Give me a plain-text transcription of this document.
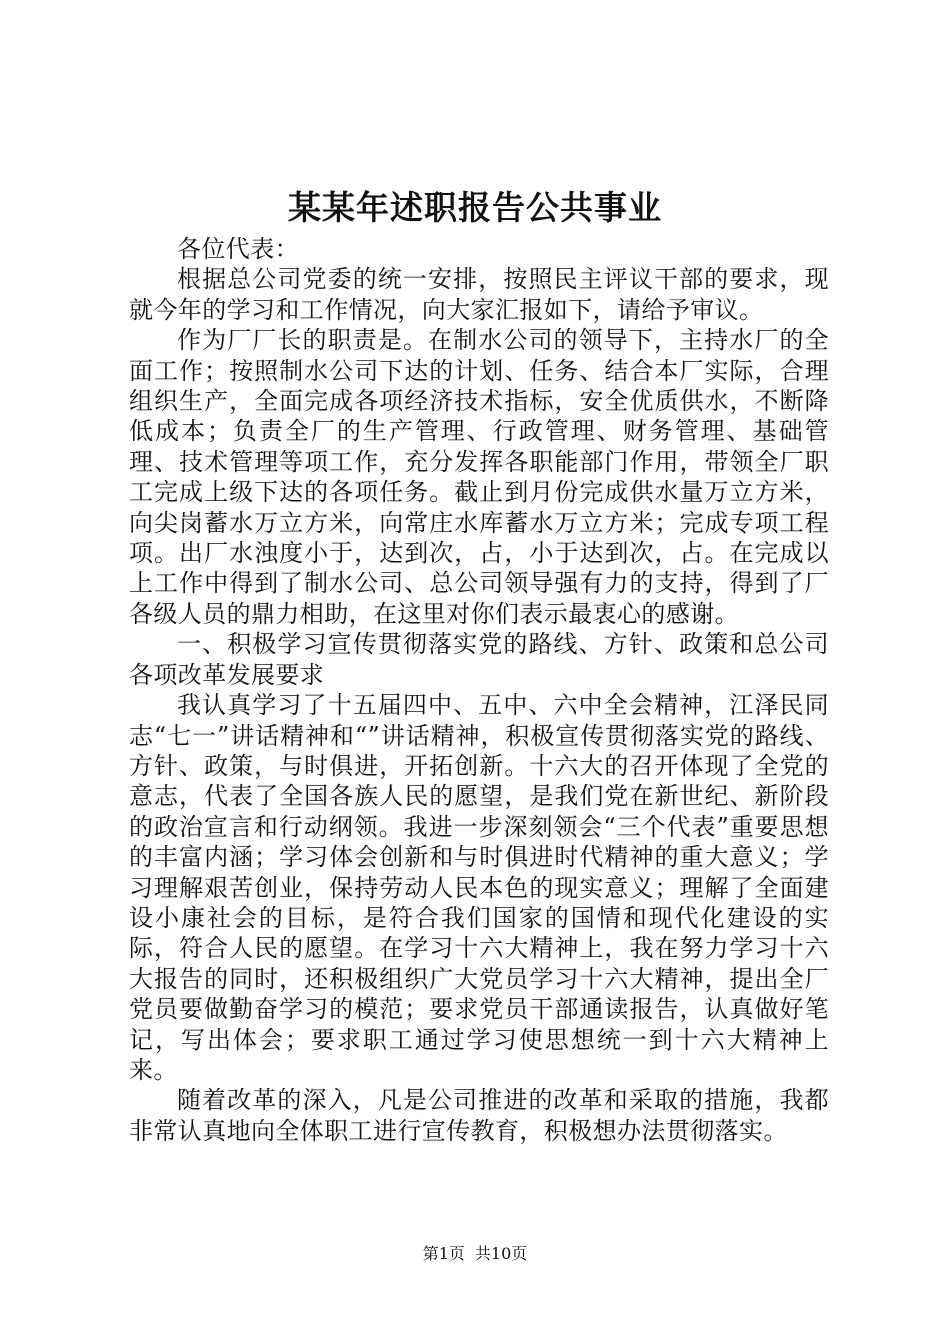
某某年述职报告公共事业

各位代表：

根据总公司党委的统一安排，按照民主评议干部的要求，现就今年的学习和工作情况，向大家汇报如下，请给予审议。

作为厂厂长的职责是。在制水公司的领导下，主持水厂的全面工作；按照制水公司下达的计划、任务、结合本厂实际，合理组织生产，全面完成各项经济技术指标，安全优质供水，不断降低成本；负责全厂的生产管理、行政管理、财务管理、基础管理、技术管理等项工作，充分发挥各职能部门作用，带领全厂职工完成上级下达的各项任务。截止到月份完成供水量万立方米，向尖岗蓄水万立方米，向常庄水库蓄水万立方米；完成专项工程项。出厂水浊度小于，达到次，占，小于达到次，占。在完成以上工作中得到了制水公司、总公司领导强有力的支持，得到了厂各级人员的鼎力相助，在这里对你们表示最衷心的感谢。

一、积极学习宣传贯彻落实党的路线、方针、政策和总公司各项改革发展要求

我认真学习了十五届四中、五中、六中全会精神，江泽民同志“七一”讲话精神和“”讲话精神，积极宣传贯彻落实党的路线、方针、政策，与时俱进，开拓创新。十六大的召开体现了全党的意志，代表了全国各族人民的愿望，是我们党在新世纪、新阶段的政治宣言和行动纲领。我进一步深刻领会“三个代表”重要思想的丰富内涵；学习体会创新和与时俱进时代精神的重大意义；学习理解艰苦创业，保持劳动人民本色的现实意义；理解了全面建设小康社会的目标，是符合我们国家的国情和现代化建设的实际，符合人民的愿望。在学习十六大精神上，我在努力学习十六大报告的同时，还积极组织广大党员学习十六大精神，提出全厂党员要做勤奋学习的模范；要求党员干部通读报告，认真做好笔记，写出体会；要求职工通过学习使思想统一到十六大精神上来。

随着改革的深入，凡是公司推进的改革和采取的措施，我都非常认真地向全体职工进行宣传教育，积极想办法贯彻落实。

第1页 共10页
